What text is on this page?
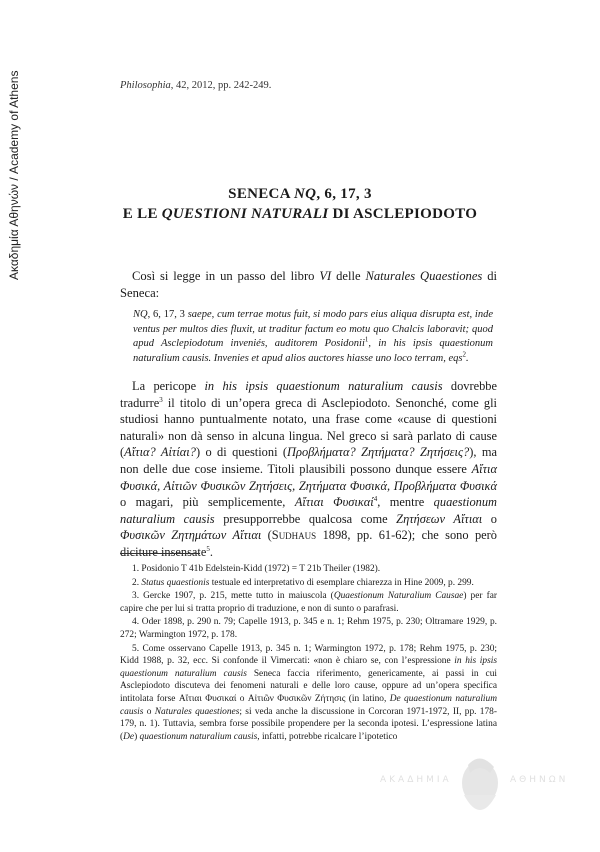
Ακαδημία Αθηνών / Academy of Athens	Philosophia, 42, 2012, pp. 242-249.
SENECA NQ, 6, 17, 3
E LE QUESTIONI NATURALI DI ASCLEPIODOTO
Così si legge in un passo del libro VI delle Naturales Quaestiones di Seneca:
NQ, 6, 17, 3 saepe, cum terrae motus fuit, si modo pars eius aliqua disrupta est, inde ventus per multos dies fluxit, ut traditur factum eo motu quo Chalcis laboravit; quod apud Asclepiodotum inveniés, auditorem Posidonii$^1$, in his ipsis quaestionum naturalium causis. Invenies et apud alios auctores hiasse uno loco terram, eqs$^2$.
La pericope in his ipsis quaestionum naturalium causis dovrebbe tradurre$^3$ il titolo di un’opera greca di Asclepiodoto. Senonché, come gli studiosi hanno puntualmente notato, una frase come «cause di questioni naturali» non dà senso in alcuna lingua. Nel greco si sarà parlato di cause (Αἴτια? Αἰτίαι?) o di questioni (Προβλήματα? Ζητήματα? Ζητήσεις?), ma non delle due cose insieme. Titoli plausibili possono dunque essere Αἴτια Φυσικά, Αἰτιῶν Φυσικῶν Ζητήσεις, Ζητήματα Φυσικά, Προβλήματα Φυσικά o magari, più semplicemente, Αἴτιαι Φυσικαί$^4$, mentre quaestionum naturalium causis presupporrebbe qualcosa come Ζητήσεων Αἴτιαι o Φυσικῶν Ζητημάτων Αἴτιαι (Sudhaus 1898, pp. 61-62); che sono però diciture insensate$^5$.

1. Posidonio T 41b Edelstein-Kidd (1972) = T 21b Theiler (1982).

2. Status quaestionis testuale ed interpretativo di esemplare chiarezza in Hine 2009, p. 299.

3. Gercke 1907, p. 215, mette tutto in maiuscola (Quaestionum Naturalium Causae) per far capire che per lui si tratta proprio di traduzione, e non di sunto o parafrasi.

4. Oder 1898, p. 290 n. 79; Capelle 1913, p. 345 e n. 1; Rehm 1975, p. 230; Oltramare 1929, p. 272; Warmington 1972, p. 178.

5. Come osservano Capelle 1913, p. 345 n. 1; Warmington 1972, p. 178; Rehm 1975, p. 230; Kidd 1988, p. 32, ecc. Si confonde il Vimercati: «non è chiaro se, con l’espressione in his ipsis quaestionum naturalium causis Seneca faccia riferimento, genericamente, ai passi in cui Asclepiodoto discuteva dei fenomeni naturali e delle loro cause, oppure ad un’opera specifica intitolata forse Αἴτιαι Φυσικαί o Αἰτιῶν Φυσικῶν Ζήτησις (in latino, De quaestionum naturalium causis o Naturales quaestiones; si veda anche la discussione in Corcoran 1971-1972, II, pp. 178-179, n. 1). Tuttavia, sembra forse possibile propendere per la seconda ipotesi. L’espressione latina (De) quaestionum naturalium causis, infatti, potrebbe ricalcare l’ipotetico

ΑΚΑΔΗΜΙΑ	ΑΘΗΝΩΝ
